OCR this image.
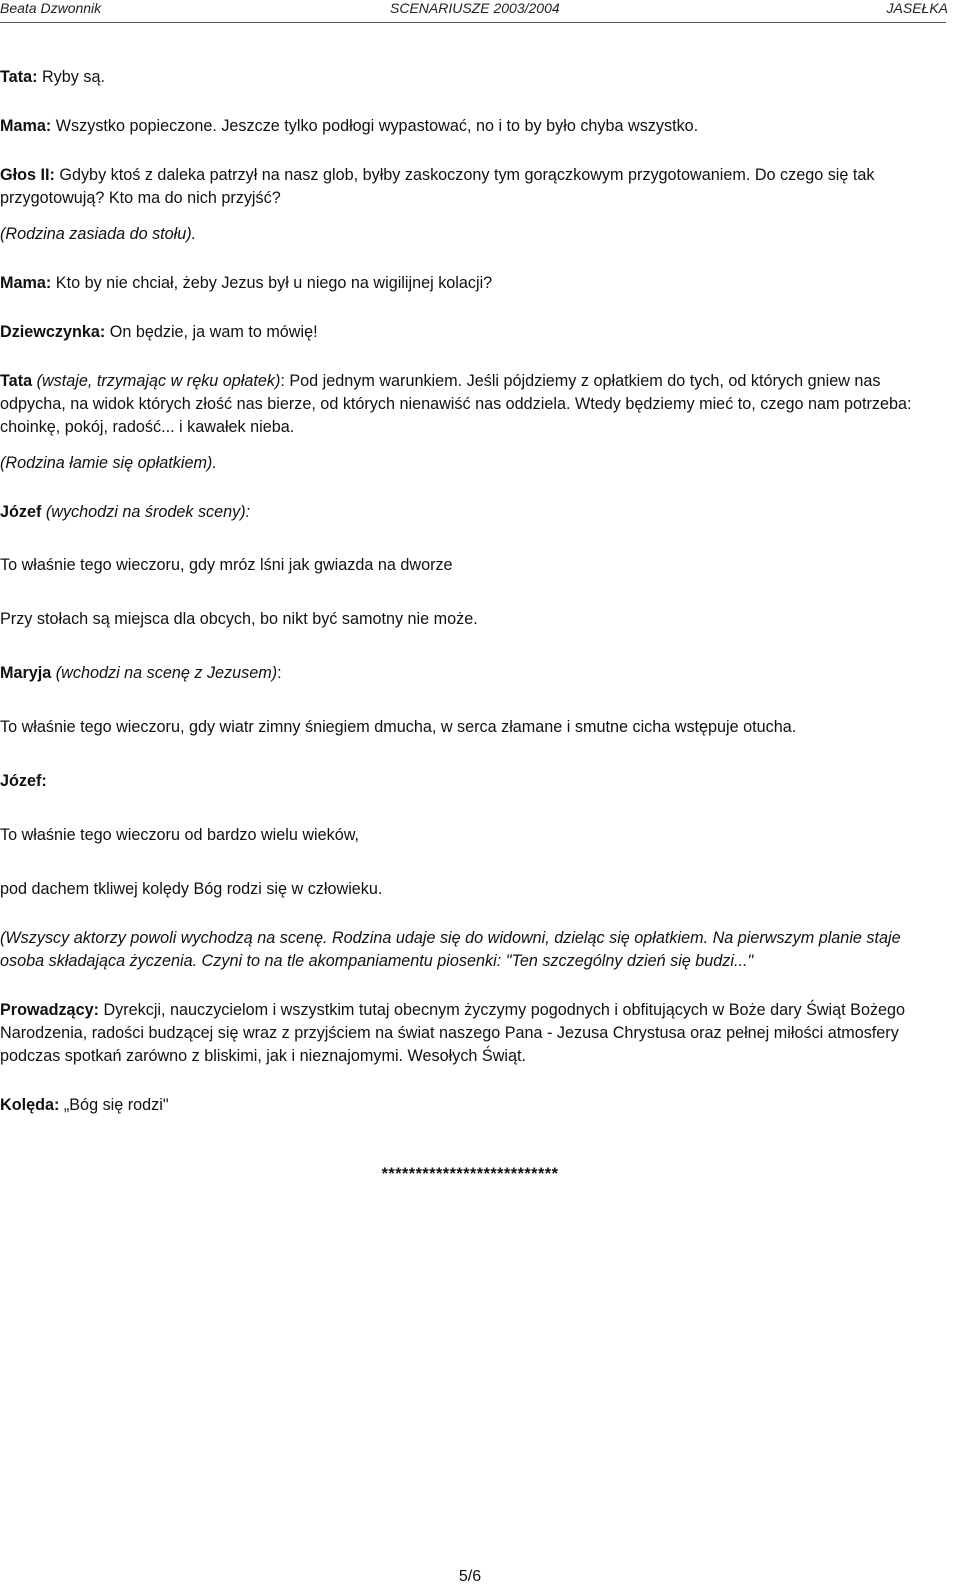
Beata Dzwonnik	SCENARIUSZE 2003/2004	JASEŁKA

Tata: Ryby są.

Mama: Wszystko popieczone. Jeszcze tylko podłogi wypastować, no i to by było chyba wszystko.

Głos II: Gdyby ktoś z daleka patrzył na nasz glob, byłby zaskoczony tym gorączkowym przygotowaniem. Do czego się tak przygotowują? Kto ma do nich przyjść?

(Rodzina zasiada do stołu).

Mama: Kto by nie chciał, żeby Jezus był u niego na wigilijnej kolacji?

Dziewczynka: On będzie, ja wam to mówię!

Tata (wstaje, trzymając w ręku opłatek): Pod jednym warunkiem. Jeśli pójdziemy z opłatkiem do tych, od których gniew nas odpycha, na widok których złość nas bierze, od których nienawiść nas oddziela. Wtedy będziemy mieć to, czego nam potrzeba: choinkę, pokój, radość... i kawałek nieba.

(Rodzina łamie się opłatkiem).

Józef (wychodzi na środek sceny):

To właśnie tego wieczoru, gdy mróz lśni jak gwiazda na dworze

Przy stołach są miejsca dla obcych, bo nikt być samotny nie może.

Maryja (wchodzi na scenę z Jezusem):

To właśnie tego wieczoru, gdy wiatr zimny śniegiem dmucha, w serca złamane i smutne cicha wstępuje otucha.

Józef:

To właśnie tego wieczoru od bardzo wielu wieków,

pod dachem tkliwej kolędy Bóg rodzi się w człowieku.

(Wszyscy aktorzy powoli wychodzą na scenę. Rodzina udaje się do widowni, dzieląc się opłatkiem. Na pierwszym planie staje osoba składająca życzenia. Czyni to na tle akompaniamentu piosenki: "Ten szczególny dzień się budzi..."

Prowadzący: Dyrekcji, nauczycielom i wszystkim tutaj obecnym życzymy pogodnych i obfitujących w Boże dary Świąt Bożego Narodzenia, radości budzącej się wraz z przyjściem na świat naszego Pana - Jezusa Chrystusa oraz pełnej miłości atmosfery podczas spotkań zarówno z bliskimi, jak i nieznajomymi. Wesołych Świąt.

Kolęda: „Bóg się rodzi"

**************************

5/6
